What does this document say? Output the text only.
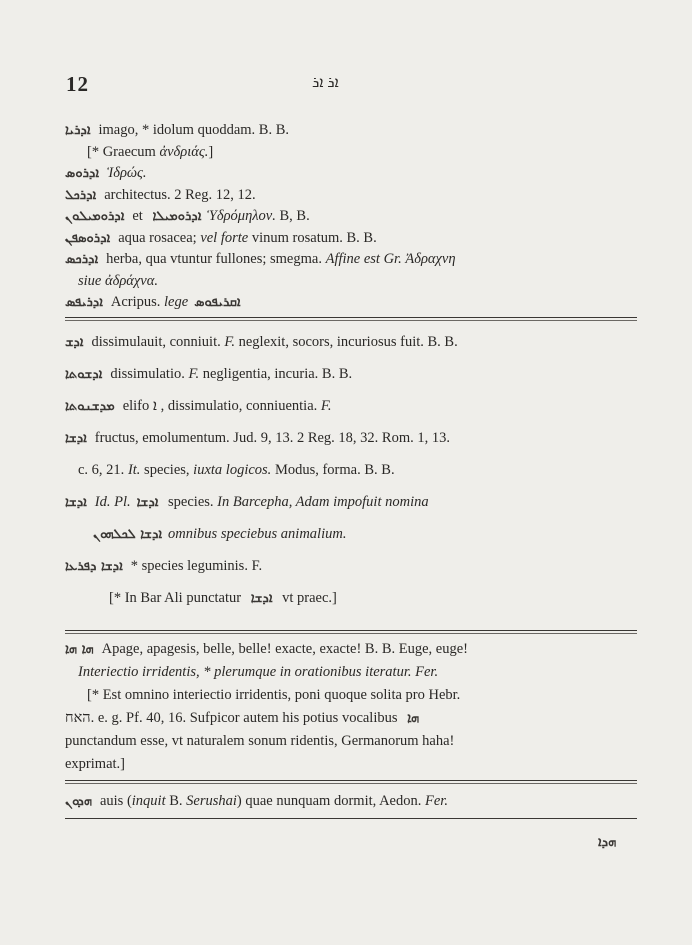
12	ܐܪ ܐܪ

ܐܕܪܝܐ imago, * idolum quoddam. B. B.

[* Graecum ἀνδριάς.]

ܐܕܪܘܣ Ἱδρώς.

ܐܕܪܟܠ architectus. 2 Reg. 12, 12.

ܐܕܪܘܡܝܠܘܢ et ܐܕܪܘܡܝܠܐ Ὑδρόμηλον. B, B.

ܐܕܪܘܣܦܢ aqua rosacea; vel forte vinum rosatum. B. B.

ܐܕܪܟܣ herba, qua vtuntur fullones; smegma. Affine est Gr. Ἀδραχνη

siue ἀδράχνα.

ܐܕܪܝܦܣ Acripus. lege ܐܩܪܝܦܘܣ

ܐܕܫ dissimulauit, conniuit. F. neglexit, socors, incuriosus fuit. B. B.

ܐܕܫܘܬܐ dissimulatio. F. negligentia, incuria. B. B.

ܡܕܫܢܘܬܐ elifo ܐ , dissimulatio, conniuentia. F.

ܐܕܫܐ fructus, emolumentum. Jud. 9, 13. 2 Reg. 18, 32. Rom. 1, 13.

c. 6, 21. It. species, iuxta logicos. Modus, forma. B. B.

ܐܕܫܐ Id. Pl. ܐܕܫܐ species. In Barcepha, Adam impofuit nomina

ܐܕܫܐ ܠܟܠܗܘܢ omnibus speciebus animalium.

ܐܕܫܐ ܕܦܪܥܐ * species leguminis. F.

[* In Bar Ali punctatur ܐܕܫܐ vt praec.]

ܗܐ ܗܐ Apage, apagesis, belle, belle! exacte, exacte! B. B. Euge, euge!

Interiectio irridentis, * plerumque in orationibus iteratur. Fer.

[* Est omnino interiectio irridentis, poni quoque solita pro Hebr.

האח. e. g. Pf. 40, 16. Sufpicor autem his potius vocalibus ܗܐ

punctandum esse, vt naturalem sonum ridentis, Germanorum haha!

exprimat.]

ܗܕܘܢ auis (inquit B. Serushai) quae nunquam dormit, Aedon. Fer.

ܗܕܐ
